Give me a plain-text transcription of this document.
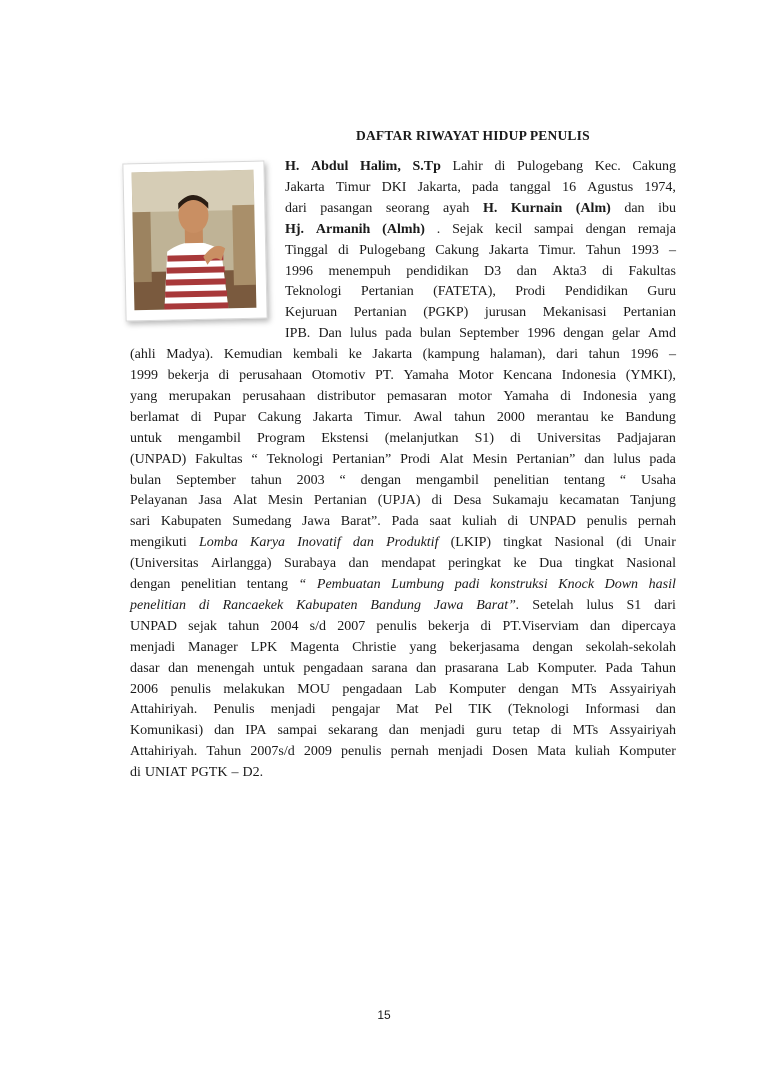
DAFTAR RIWAYAT HIDUP PENULIS
H. Abdul Halim, S.Tp Lahir di Pulogebang Kec. Cakung
Jakarta Timur DKI Jakarta, pada tanggal 16 Agustus 1974,
dari pasangan seorang ayah H. Kurnain (Alm) dan ibu
Hj. Armanih (Almh) . Sejak kecil sampai dengan remaja
Tinggal di Pulogebang Cakung Jakarta Timur. Tahun 1993 –
1996 menempuh pendidikan D3 dan Akta3 di Fakultas
Teknologi Pertanian (FATETA), Prodi Pendidikan Guru
Kejuruan Pertanian (PGKP) jurusan Mekanisasi Pertanian
IPB. Dan lulus pada bulan September 1996 dengan gelar Amd
(ahli Madya). Kemudian kembali ke Jakarta (kampung halaman), dari tahun 1996 –
1999 bekerja di perusahaan Otomotiv PT. Yamaha Motor Kencana Indonesia (YMKI),
yang merupakan perusahaan distributor pemasaran motor Yamaha di Indonesia yang
berlamat di Pupar Cakung Jakarta Timur. Awal tahun 2000 merantau ke Bandung
untuk mengambil Program Ekstensi (melanjutkan S1) di Universitas Padjajaran
(UNPAD) Fakultas “ Teknologi Pertanian” Prodi Alat Mesin Pertanian” dan lulus pada
bulan September tahun 2003 “ dengan mengambil penelitian tentang “ Usaha
Pelayanan Jasa Alat Mesin Pertanian (UPJA) di Desa Sukamaju kecamatan Tanjung
sari Kabupaten Sumedang Jawa Barat”. Pada saat kuliah di UNPAD penulis pernah
mengikuti Lomba Karya Inovatif dan Produktif (LKIP) tingkat Nasional (di Unair
(Universitas Airlangga) Surabaya dan mendapat peringkat ke Dua tingkat Nasional
dengan penelitian tentang “ Pembuatan Lumbung padi konstruksi Knock Down hasil
penelitian di Rancaekek Kabupaten Bandung Jawa Barat”. Setelah lulus S1 dari
UNPAD sejak tahun 2004 s/d 2007 penulis bekerja di PT.Viserviam dan dipercaya
menjadi Manager LPK Magenta Christie yang bekerjasama dengan sekolah-sekolah
dasar dan menengah untuk pengadaan sarana dan prasarana Lab Komputer. Pada Tahun
2006 penulis melakukan MOU pengadaan Lab Komputer dengan MTs Assyairiyah
Attahiriyah. Penulis menjadi pengajar Mat Pel TIK (Teknologi Informasi dan
Komunikasi) dan IPA sampai sekarang dan menjadi guru tetap di MTs Assyairiyah
Attahiriyah. Tahun 2007s/d 2009 penulis pernah menjadi Dosen Mata kuliah Komputer
di UNIAT PGTK – D2.
15
